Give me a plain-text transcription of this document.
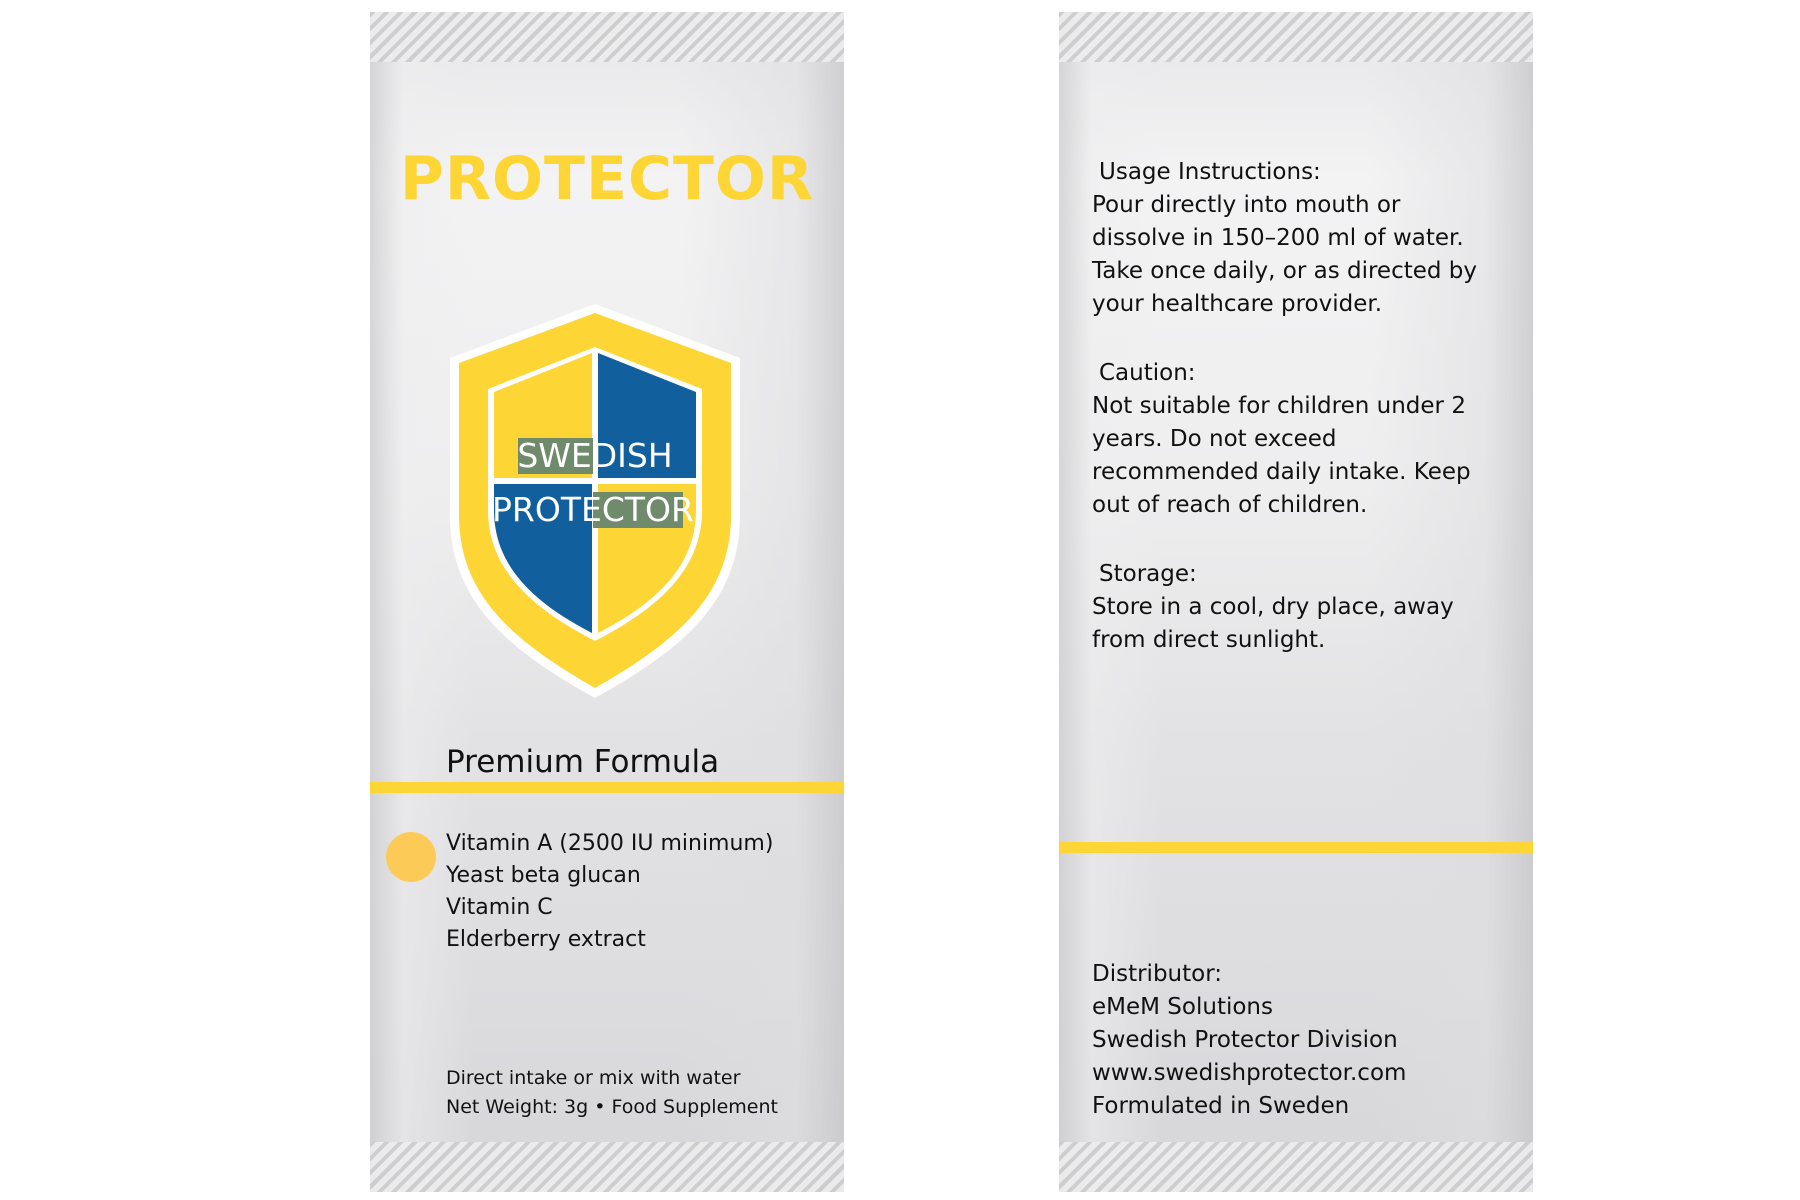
PROTECTOR
SWEDISH
PROTECTOR
Premium Formula
Vitamin A (2500 IU minimum)
Yeast beta glucan
Vitamin C
Elderberry extract
Direct intake or mix with water
Net Weight: 3g • Food Supplement
Usage Instructions:
Pour directly into mouth or
dissolve in 150–200 ml of water.
Take once daily, or as directed by
your healthcare provider.
Caution:
Not suitable for children under 2
years. Do not exceed
recommended daily intake. Keep
out of reach of children.
Storage:
Store in a cool, dry place, away
from direct sunlight.
Distributor:
eMeM Solutions
Swedish Protector Division
www.swedishprotector.com
Formulated in Sweden
